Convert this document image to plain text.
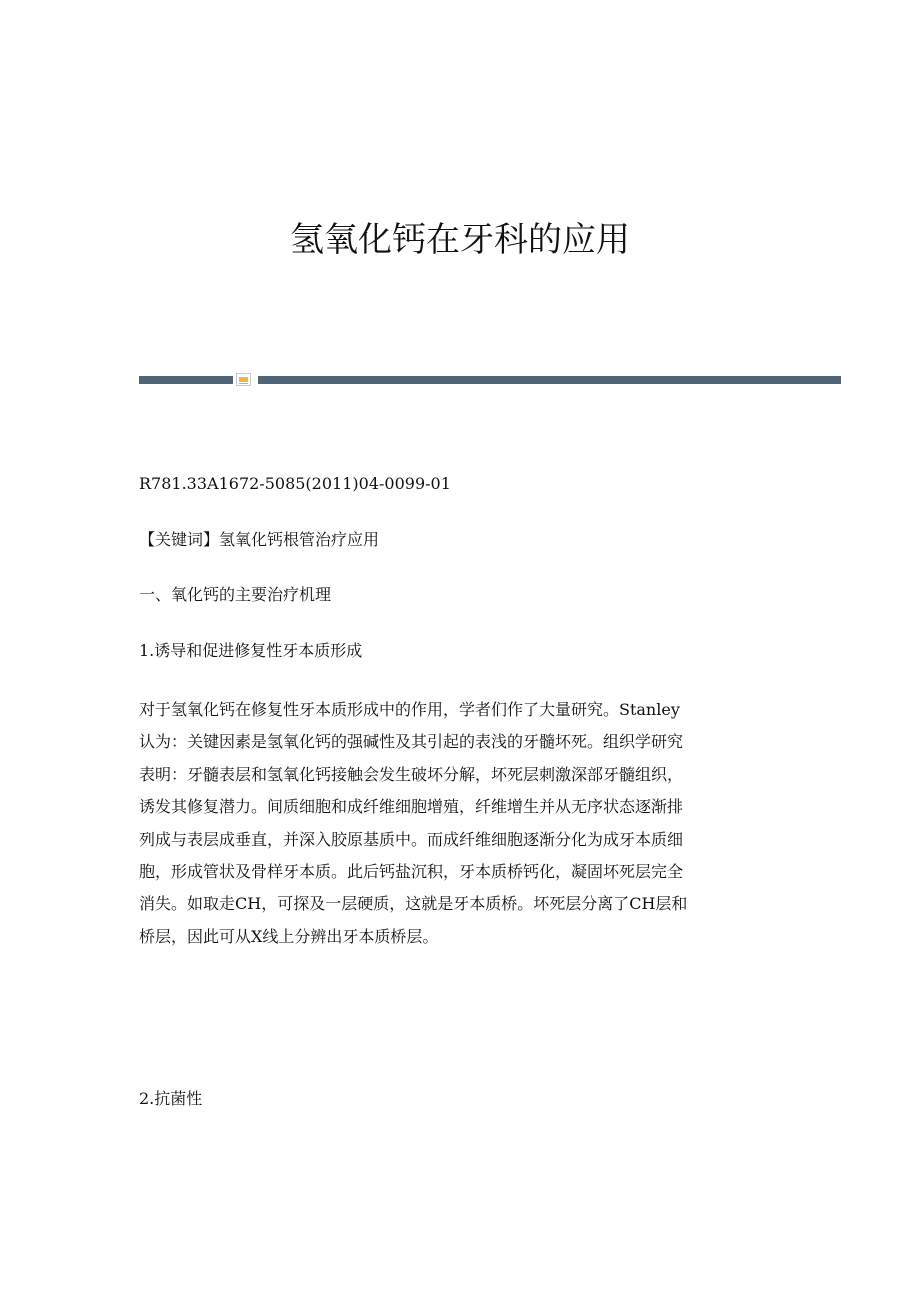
氢氧化钙在牙科的应用

R781.33A1672-5085(2011)04-0099-01

【关键词】氢氧化钙根管治疗应用

一、氧化钙的主要治疗机理

1.诱导和促进修复性牙本质形成

对于氢氧化钙在修复性牙本质形成中的作用，学者们作了大量研究。Stanley
认为：关键因素是氢氧化钙的强碱性及其引起的表浅的牙髓坏死。组织学研究
表明：牙髓表层和氢氧化钙接触会发生破坏分解，坏死层刺激深部牙髓组织，
诱发其修复潜力。间质细胞和成纤维细胞增殖，纤维增生并从无序状态逐渐排
列成与表层成垂直，并深入胶原基质中。而成纤维细胞逐渐分化为成牙本质细
胞，形成管状及骨样牙本质。此后钙盐沉积，牙本质桥钙化，凝固坏死层完全
消失。如取走CH，可探及一层硬质，这就是牙本质桥。坏死层分离了CH层和
桥层，因此可从X线上分辨出牙本质桥层。

2.抗菌性
